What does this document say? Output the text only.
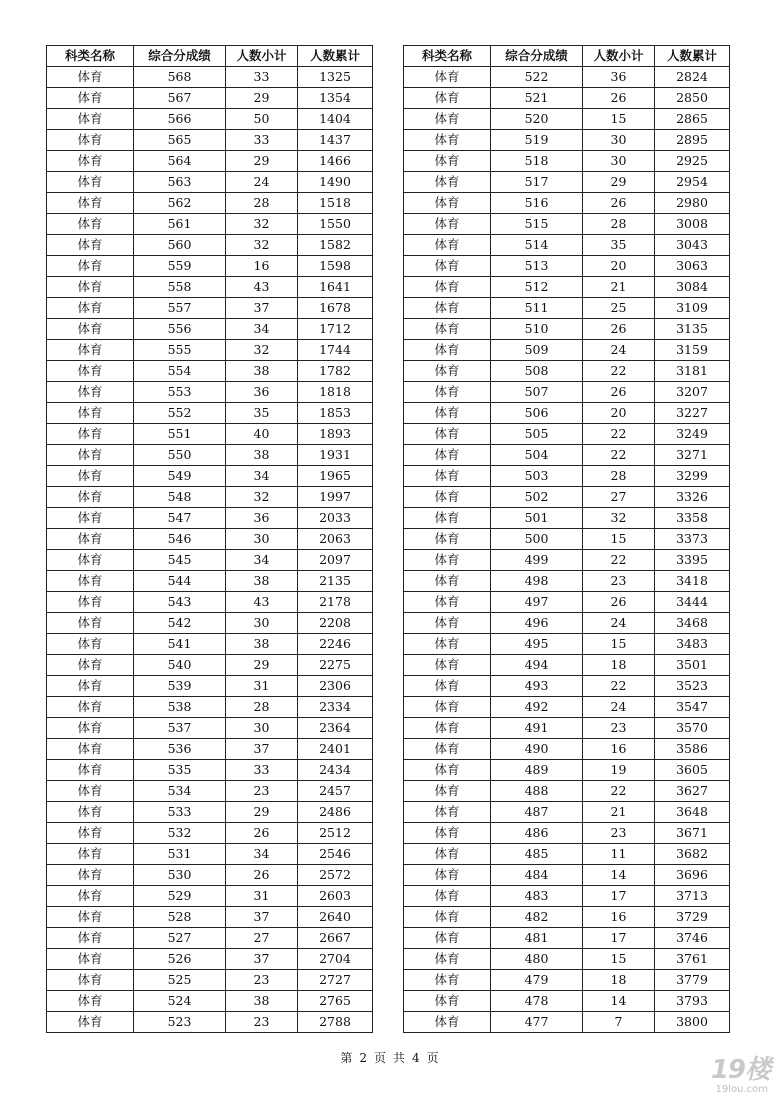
科类名称	综合分成绩	人数小计	人数累计
体育	568	33	1325
体育	567	29	1354
体育	566	50	1404
体育	565	33	1437
体育	564	29	1466
体育	563	24	1490
体育	562	28	1518
体育	561	32	1550
体育	560	32	1582
体育	559	16	1598
体育	558	43	1641
体育	557	37	1678
体育	556	34	1712
体育	555	32	1744
体育	554	38	1782
体育	553	36	1818
体育	552	35	1853
体育	551	40	1893
体育	550	38	1931
体育	549	34	1965
体育	548	32	1997
体育	547	36	2033
体育	546	30	2063
体育	545	34	2097
体育	544	38	2135
体育	543	43	2178
体育	542	30	2208
体育	541	38	2246
体育	540	29	2275
体育	539	31	2306
体育	538	28	2334
体育	537	30	2364
体育	536	37	2401
体育	535	33	2434
体育	534	23	2457
体育	533	29	2486
体育	532	26	2512
体育	531	34	2546
体育	530	26	2572
体育	529	31	2603
体育	528	37	2640
体育	527	27	2667
体育	526	37	2704
体育	525	23	2727
体育	524	38	2765
体育	523	23	2788
科类名称	综合分成绩	人数小计	人数累计
体育	522	36	2824
体育	521	26	2850
体育	520	15	2865
体育	519	30	2895
体育	518	30	2925
体育	517	29	2954
体育	516	26	2980
体育	515	28	3008
体育	514	35	3043
体育	513	20	3063
体育	512	21	3084
体育	511	25	3109
体育	510	26	3135
体育	509	24	3159
体育	508	22	3181
体育	507	26	3207
体育	506	20	3227
体育	505	22	3249
体育	504	22	3271
体育	503	28	3299
体育	502	27	3326
体育	501	32	3358
体育	500	15	3373
体育	499	22	3395
体育	498	23	3418
体育	497	26	3444
体育	496	24	3468
体育	495	15	3483
体育	494	18	3501
体育	493	22	3523
体育	492	24	3547
体育	491	23	3570
体育	490	16	3586
体育	489	19	3605
体育	488	22	3627
体育	487	21	3648
体育	486	23	3671
体育	485	11	3682
体育	484	14	3696
体育	483	17	3713
体育	482	16	3729
体育	481	17	3746
体育	480	15	3761
体育	479	18	3779
体育	478	14	3793
体育	477	7	3800
第 2 页 共 4 页	19楼
19lou.com
